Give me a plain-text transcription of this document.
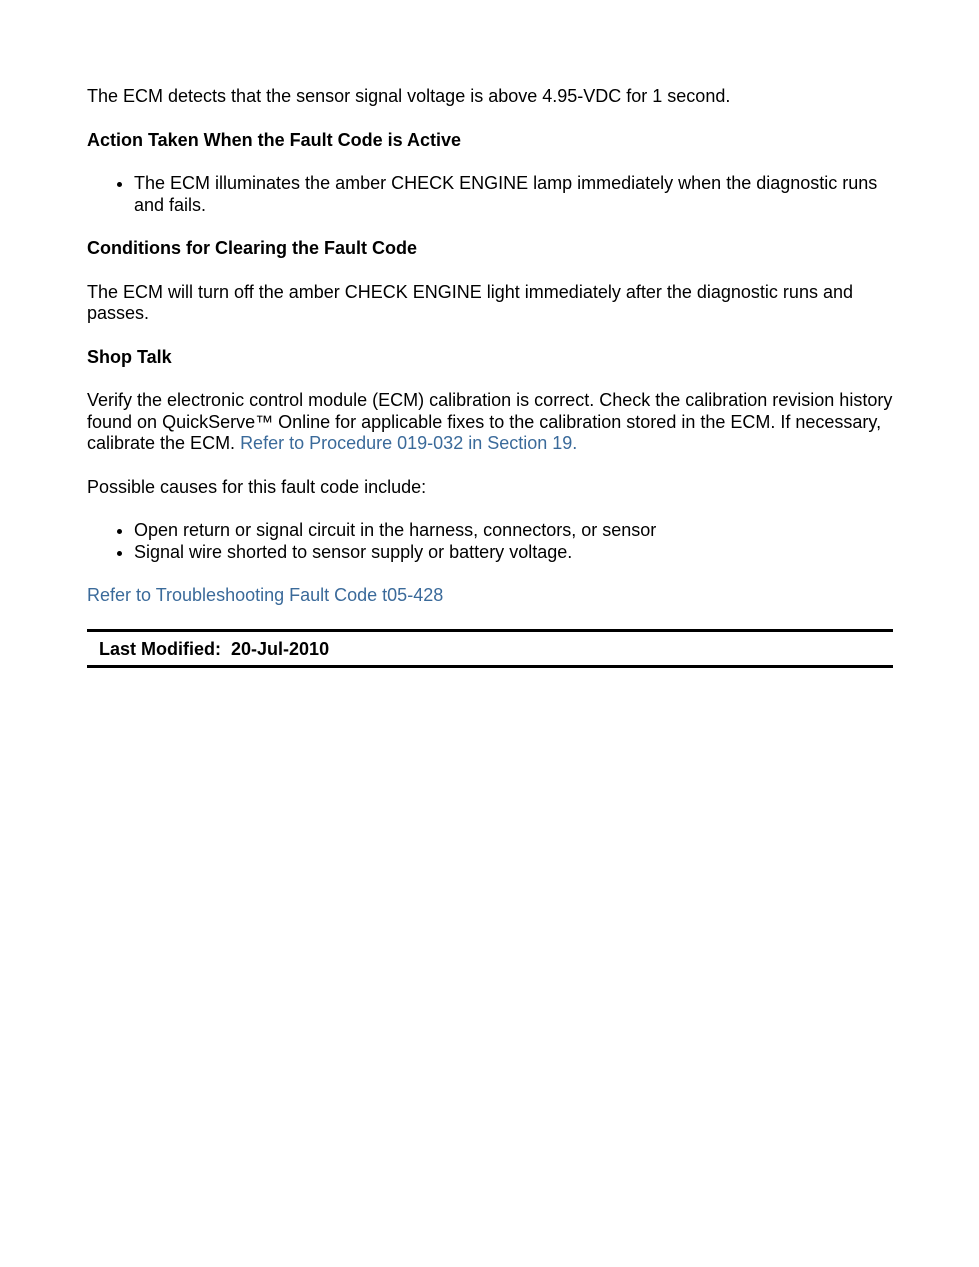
The ECM detects that the sensor signal voltage is above 4.95-VDC for 1 second.

Action Taken When the Fault Code is Active
• The ECM illuminates the amber CHECK ENGINE lamp immediately when the diagnostic runs and fails.
Conditions for Clearing the Fault Code

The ECM will turn off the amber CHECK ENGINE light immediately after the diagnostic runs and passes.

Shop Talk

Verify the electronic control module (ECM) calibration is correct. Check the calibration revision history found on QuickServe™ Online for applicable fixes to the calibration stored in the ECM. If necessary, calibrate the ECM. Refer to Procedure 019-032 in Section 19.

Possible causes for this fault code include:

• Open return or signal circuit in the harness, connectors, or sensor
• Signal wire shorted to sensor supply or battery voltage.

Refer to Troubleshooting Fault Code t05-428

Last Modified: 20-Jul-2010
